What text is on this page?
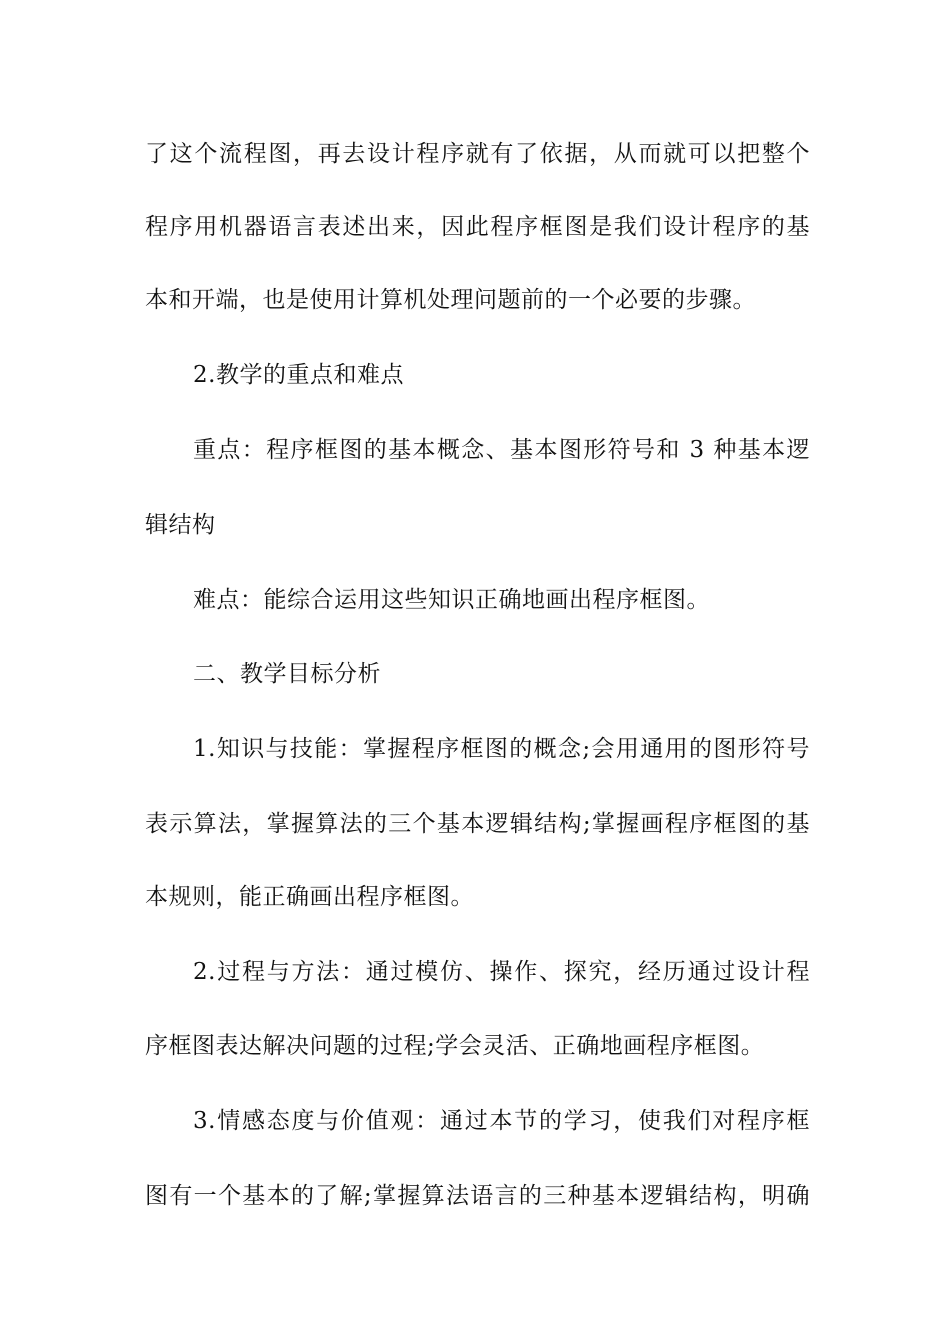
了这个流程图，再去设计程序就有了依据，从而就可以把整个
程序用机器语言表述出来，因此程序框图是我们设计程序的基
本和开端，也是使用计算机处理问题前的一个必要的步骤。
2.教学的重点和难点
重点：程序框图的基本概念、基本图形符号和 3 种基本逻
辑结构
难点：能综合运用这些知识正确地画出程序框图。
二、教学目标分析
1.知识与技能：掌握程序框图的概念;会用通用的图形符号
表示算法，掌握算法的三个基本逻辑结构;掌握画程序框图的基
本规则，能正确画出程序框图。
2.过程与方法：通过模仿、操作、探究，经历通过设计程
序框图表达解决问题的过程;学会灵活、正确地画程序框图。
3.情感态度与价值观：通过本节的学习，使我们对程序框
图有一个基本的了解;掌握算法语言的三种基本逻辑结构，明确
